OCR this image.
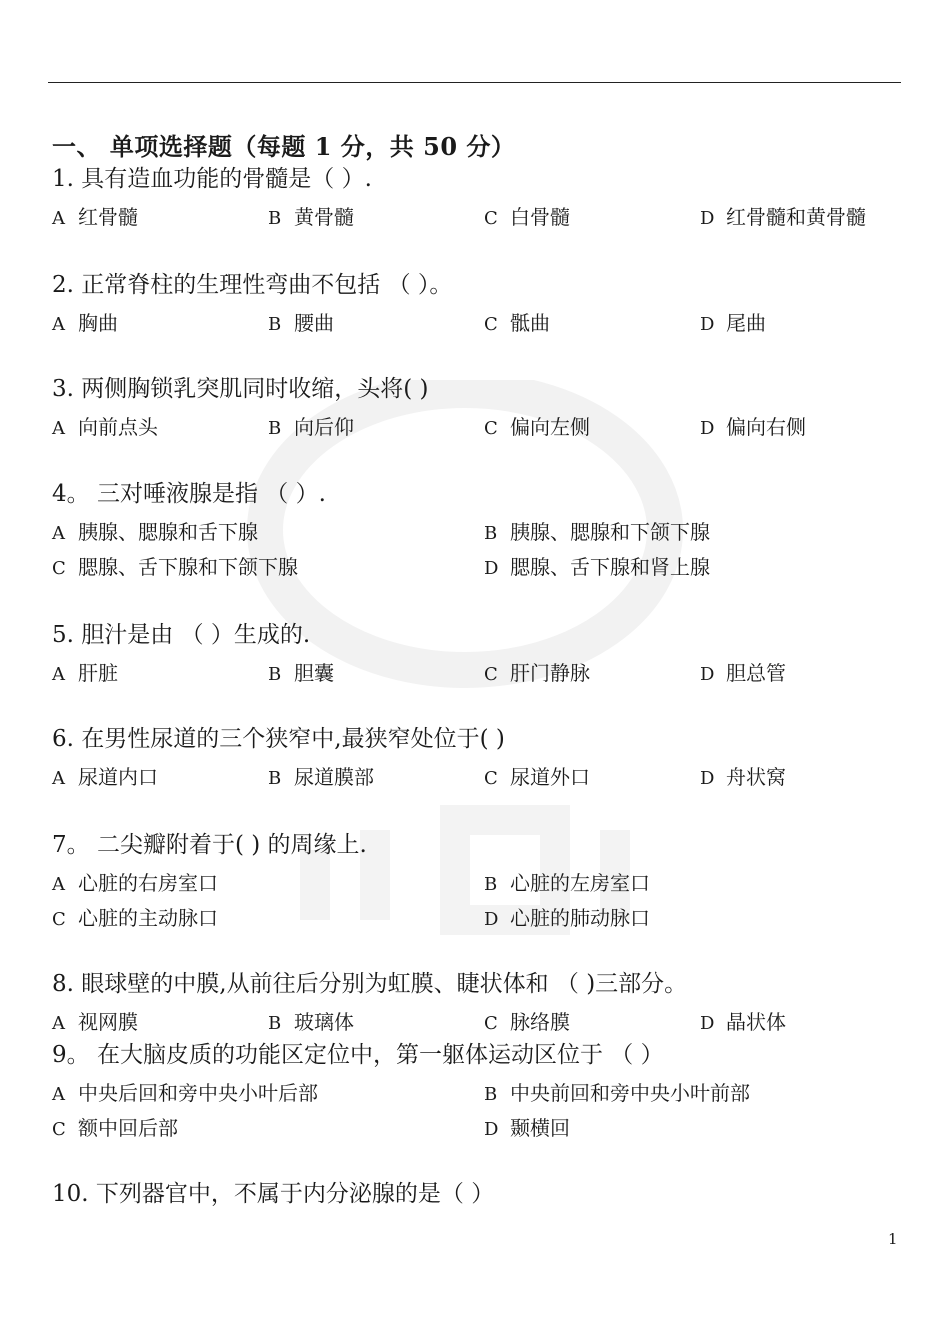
一、 单项选择题（每题 1 分，共 50 分）
1. 具有造血功能的骨髓是（ ）.
A 红骨髓	B 黄骨髓	C 白骨髓	D 红骨髓和黄骨髓
2. 正常脊柱的生理性弯曲不包括 （ ）。
A 胸曲	B 腰曲	C 骶曲	D 尾曲
3. 两侧胸锁乳突肌同时收缩，头将( )
A 向前点头	B 向后仰	C 偏向左侧	D 偏向右侧
4。 三对唾液腺是指 （ ）.
A 胰腺、腮腺和舌下腺	B 胰腺、腮腺和下颌下腺
C 腮腺、舌下腺和下颌下腺	D 腮腺、舌下腺和肾上腺
5. 胆汁是由 （ ）生成的.
A 肝脏	B 胆囊	C 肝门静脉	D 胆总管
6. 在男性尿道的三个狭窄中,最狭窄处位于( )
A 尿道内口	B 尿道膜部	C 尿道外口	D 舟状窝
7。 二尖瓣附着于( ) 的周缘上.
A 心脏的右房室口	B 心脏的左房室口
C 心脏的主动脉口	D 心脏的肺动脉口
8. 眼球壁的中膜,从前往后分别为虹膜、睫状体和 （ )三部分。
A 视网膜	B 玻璃体	C 脉络膜	D 晶状体
9。 在大脑皮质的功能区定位中，第一躯体运动区位于 （ ）
A 中央后回和旁中央小叶后部	B 中央前回和旁中央小叶前部
C 额中回后部	D 颞横回
10. 下列器官中，不属于内分泌腺的是（ ）
1
